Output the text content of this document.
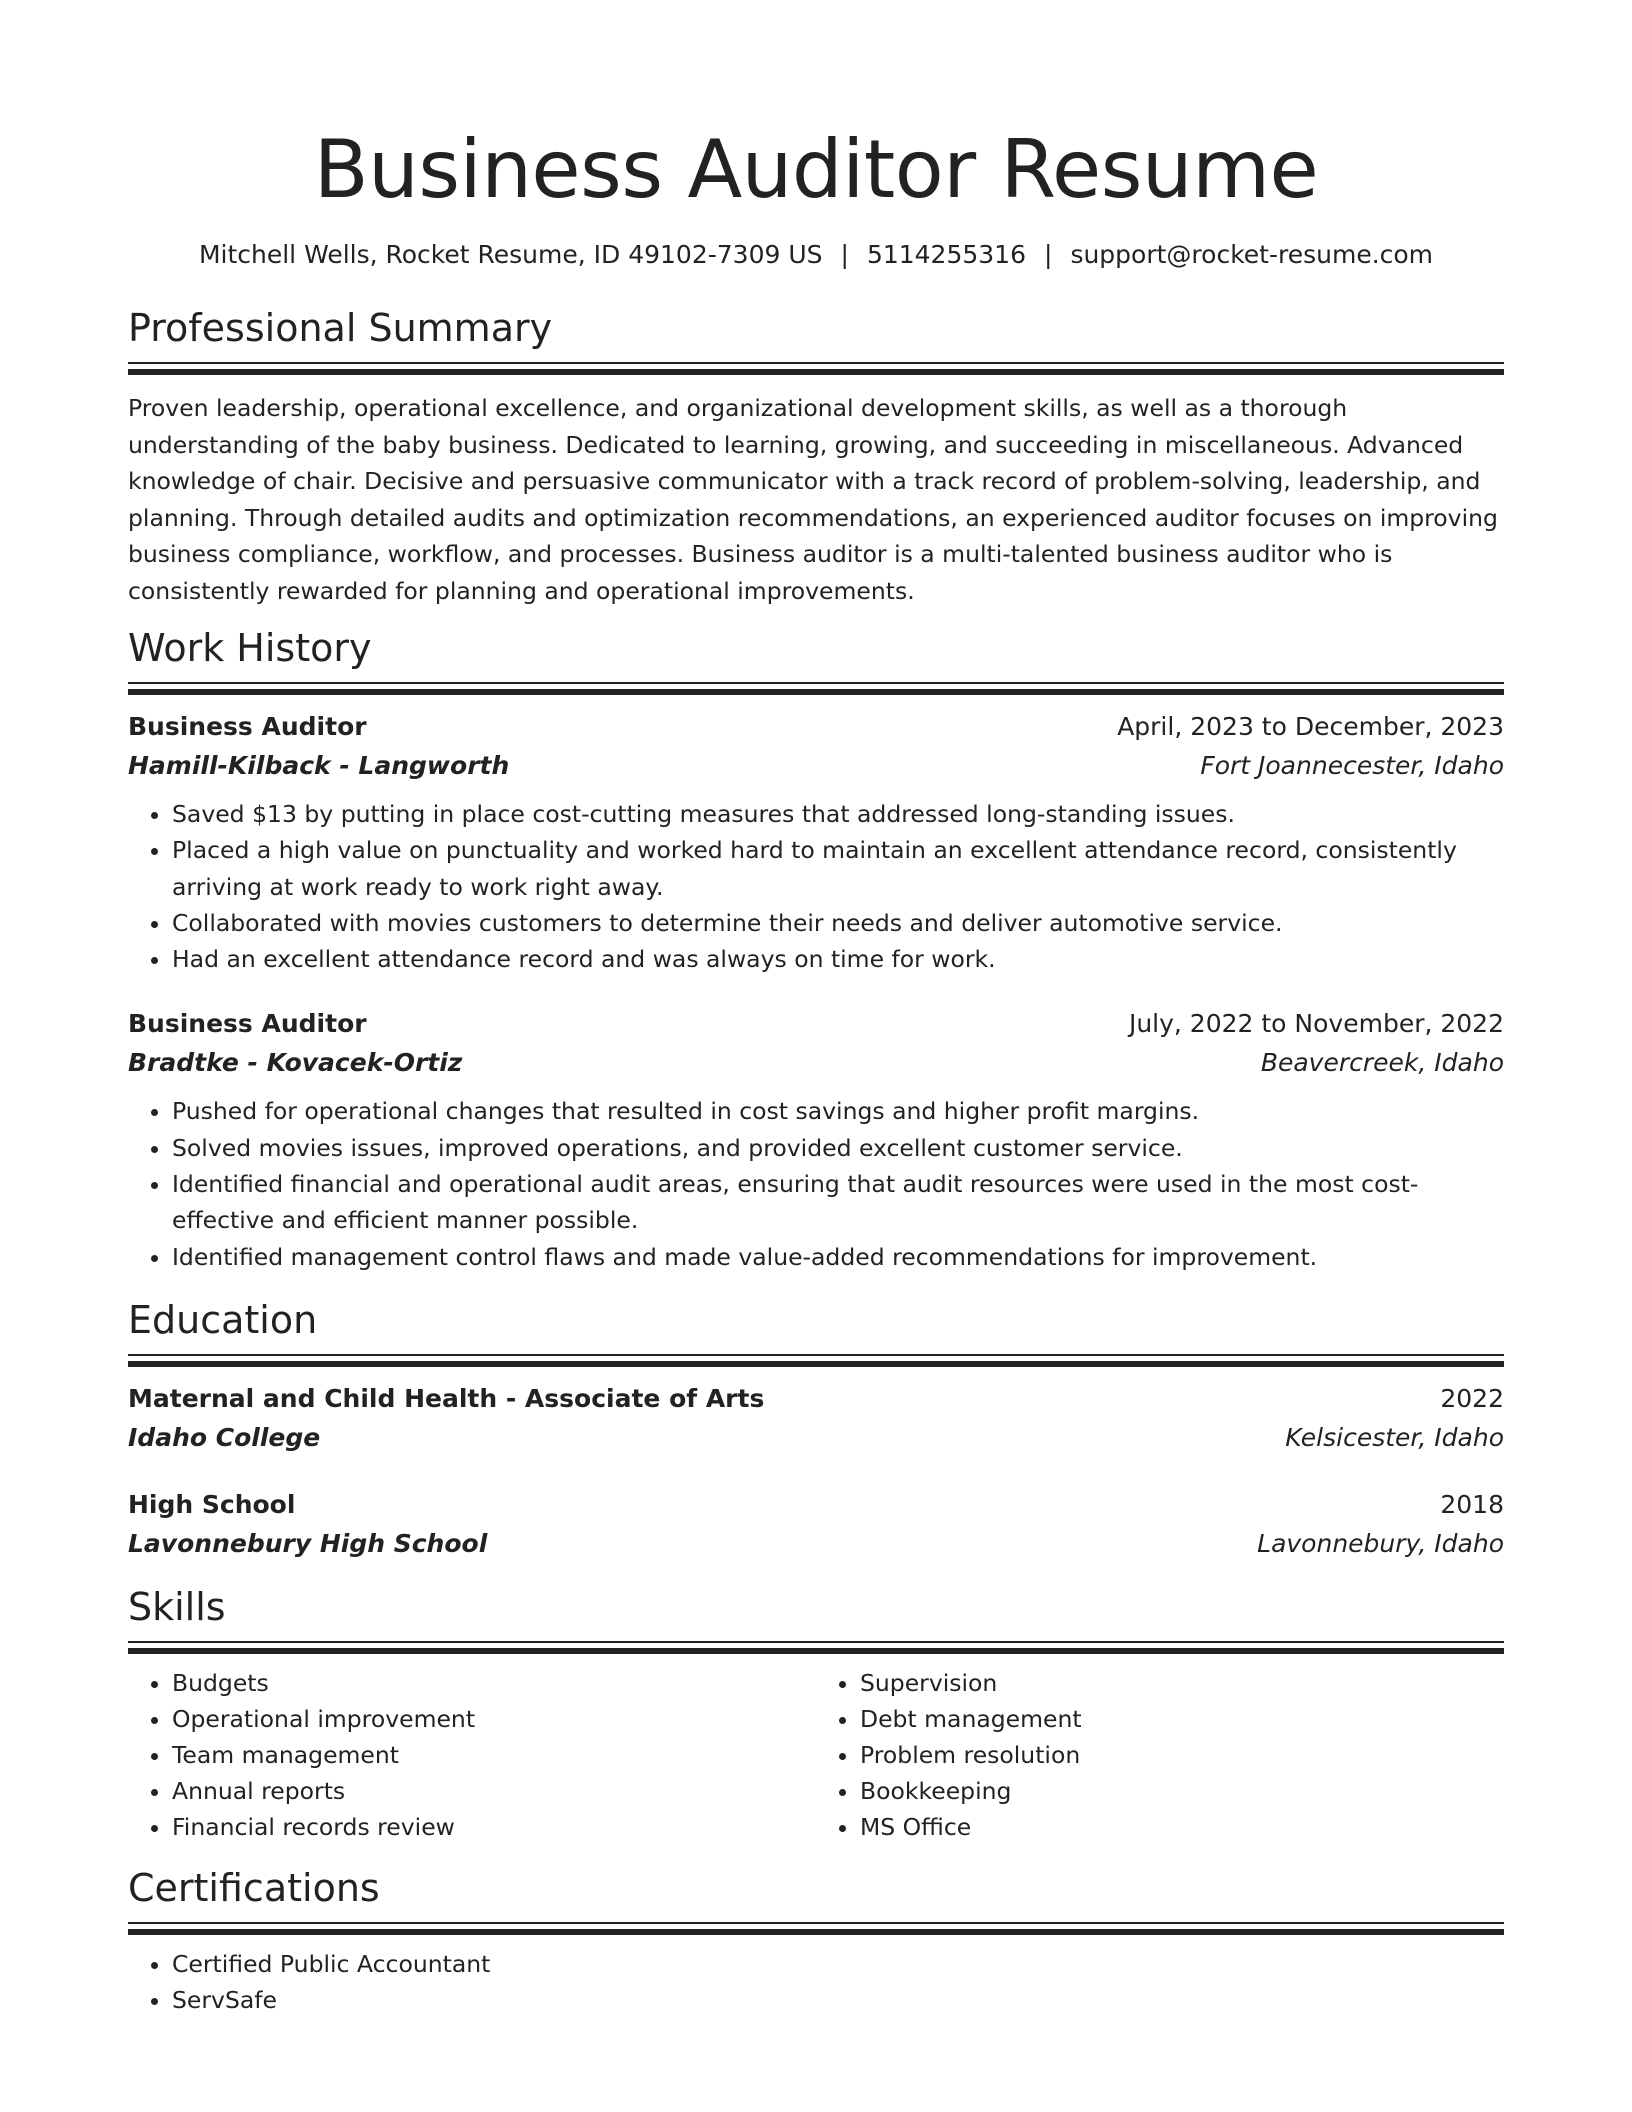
Business Auditor Resume
Mitchell Wells, Rocket Resume, ID 49102-7309 US | 5114255316 | support@rocket-resume.com
Professional Summary

Proven leadership, operational excellence, and organizational development skills, as well as a thorough understanding of the baby business. Dedicated to learning, growing, and succeeding in miscellaneous. Advanced knowledge of chair. Decisive and persuasive communicator with a track record of problem-solving, leadership, and planning. Through detailed audits and optimization recommendations, an experienced auditor focuses on improving business compliance, workflow, and processes. Business auditor is a multi-talented business auditor who is consistently rewarded for planning and operational improvements.

Work History
Business Auditor	April, 2023 to December, 2023
Hamill-Kilback - Langworth	Fort Joannecester, Idaho
• Saved $13 by putting in place cost-cutting measures that addressed long-standing issues.
• Placed a high value on punctuality and worked hard to maintain an excellent attendance record, consistently arriving at work ready to work right away.
• Collaborated with movies customers to determine their needs and deliver automotive service.
• Had an excellent attendance record and was always on time for work.
Business Auditor	July, 2022 to November, 2022
Bradtke - Kovacek-Ortiz	Beavercreek, Idaho
• Pushed for operational changes that resulted in cost savings and higher profit margins.
• Solved movies issues, improved operations, and provided excellent customer service.
• Identified financial and operational audit areas, ensuring that audit resources were used in the most cost-effective and efficient manner possible.
• Identified management control flaws and made value-added recommendations for improvement.
Education
Maternal and Child Health - Associate of Arts	2022
Idaho College	Kelsicester, Idaho
High School	2018
Lavonnebury High School	Lavonnebury, Idaho
Skills
• Budgets
• Operational improvement
• Team management
• Annual reports
• Financial records review
• Supervision
• Debt management
• Problem resolution
• Bookkeeping
• MS Office
Certifications
• Certified Public Accountant
• ServSafe
